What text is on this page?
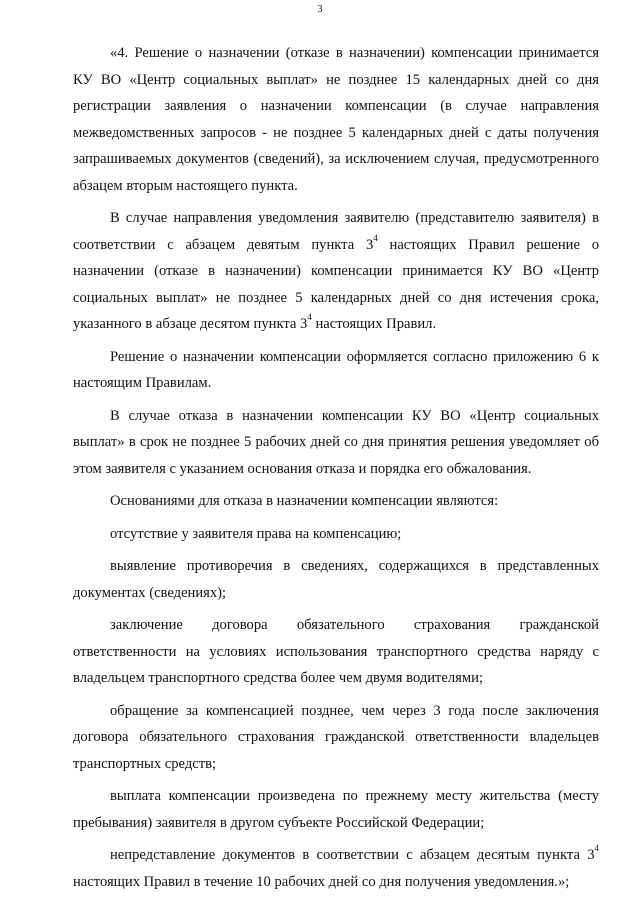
3

«4. Решение о назначении (отказе в назначении) компенсации принимается КУ ВО «Центр социальных выплат» не позднее 15 календарных дней со дня регистрации заявления о назначении компенсации (в случае направления межведомственных запросов - не позднее 5 календарных дней с даты получения запрашиваемых документов (сведений), за исключением случая, предусмотренного абзацем вторым настоящего пункта.

В случае направления уведомления заявителю (представителю заявителя) в соответствии с абзацем девятым пункта $3^4$ настоящих Правил решение о назначении (отказе в назначении) компенсации принимается КУ ВО «Центр социальных выплат» не позднее 5 календарных дней со дня истечения срока, указанного в абзаце десятом пункта $3^4$ настоящих Правил.

Решение о назначении компенсации оформляется согласно приложению 6 к настоящим Правилам.

В случае отказа в назначении компенсации КУ ВО «Центр социальных выплат» в срок не позднее 5 рабочих дней со дня принятия решения уведомляет об этом заявителя с указанием основания отказа и порядка его обжалования.

Основаниями для отказа в назначении компенсации являются:

отсутствие у заявителя права на компенсацию;

выявление противоречия в сведениях, содержащихся в представленных документах (сведениях);

заключение договора обязательного страхования гражданской ответственности на условиях использования транспортного средства наряду с владельцем транспортного средства более чем двумя водителями;

обращение за компенсацией позднее, чем через 3 года после заключения договора обязательного страхования гражданской ответственности владельцев транспортных средств;

выплата компенсации произведена по прежнему месту жительства (месту пребывания) заявителя в другом субъекте Российской Федерации;

непредставление документов в соответствии с абзацем десятым пункта $3^4$ настоящих Правил в течение 10 рабочих дней со дня получения уведомления.»;
